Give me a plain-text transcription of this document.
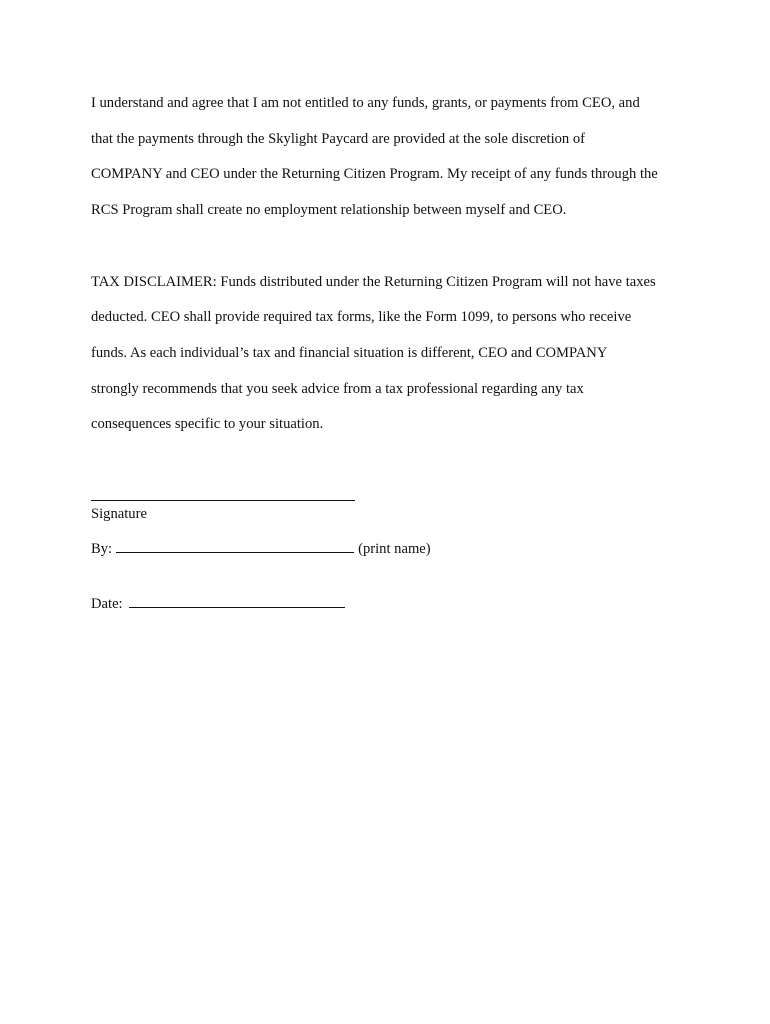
I understand and agree that I am not entitled to any funds, grants, or payments from CEO, and
that the payments through the Skylight Paycard are provided at the sole discretion of
COMPANY and CEO under the Returning Citizen Program. My receipt of any funds through the
RCS Program shall create no employment relationship between myself and CEO.
TAX DISCLAIMER: Funds distributed under the Returning Citizen Program will not have taxes
deducted. CEO shall provide required tax forms, like the Form 1099, to persons who receive
funds. As each individual’s tax and financial situation is different, CEO and COMPANY
strongly recommends that you seek advice from a tax professional regarding any tax
consequences specific to your situation.
Signature
By:	(print name)
Date:
